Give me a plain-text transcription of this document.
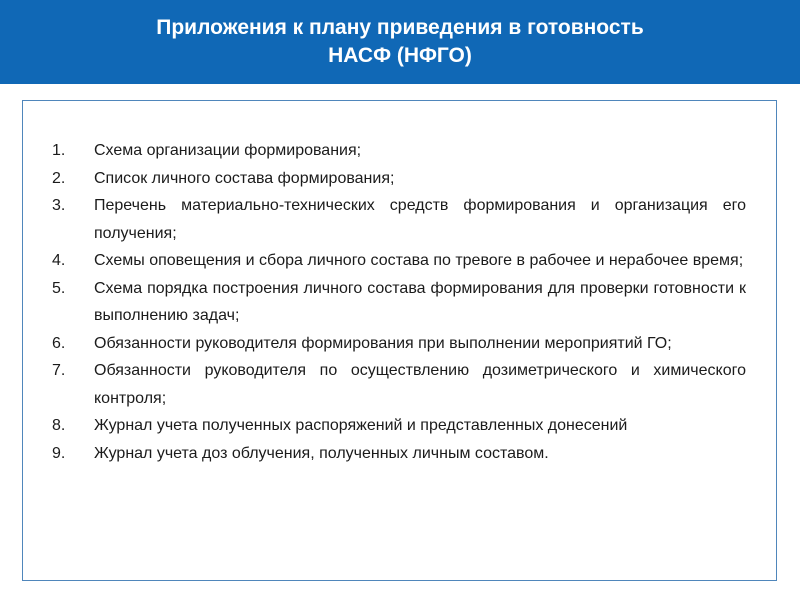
Приложения к плану приведения в готовность
НАСФ (НФГО)
1. Схема организации формирования;
2. Список личного состава формирования;
3. Перечень материально-технических средств формирования и организация его получения;
4. Схемы оповещения и сбора личного состава по тревоге в рабочее и нерабочее время;
5. Схема порядка построения личного состава формирования для проверки готовности к выполнению задач;
6. Обязанности руководителя формирования при выполнении мероприятий ГО;
7. Обязанности руководителя по осуществлению дозиметрического и химического контроля;
8. Журнал учета полученных распоряжений и представленных донесений
9. Журнал учета доз облучения, полученных личным составом.
